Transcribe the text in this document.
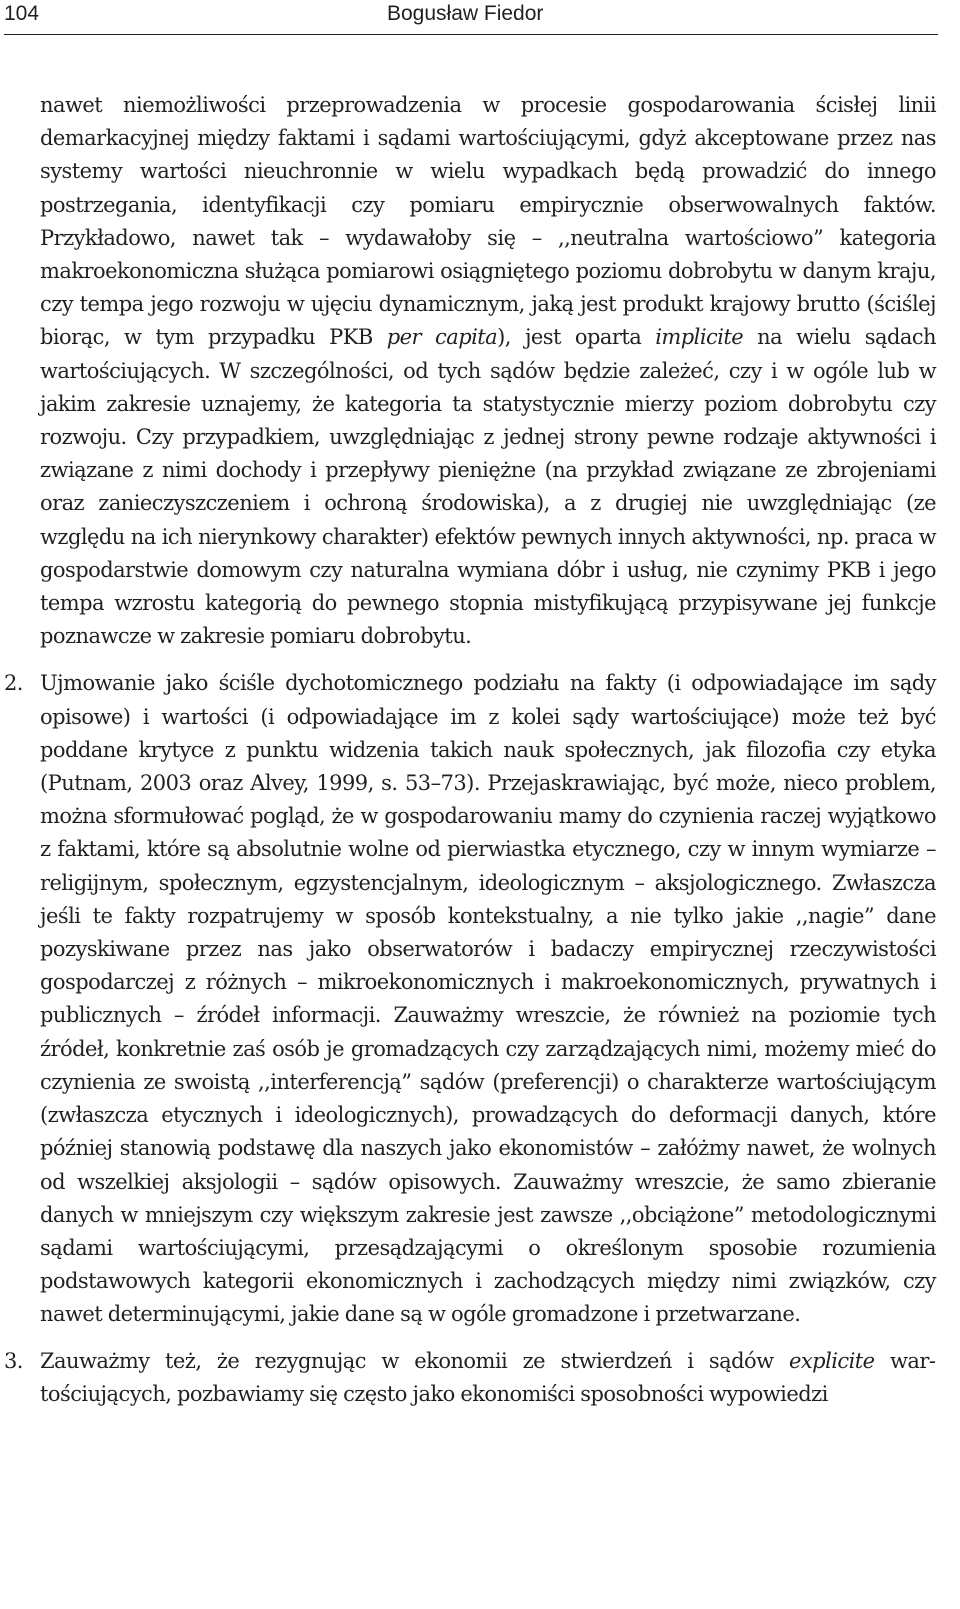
104	Bogusław Fiedor

nawet niemożliwości przeprowadzenia w procesie gospodarowania ścisłej linii demarkacyjnej między faktami i sądami wartościującymi, gdyż akceptowane przez nas systemy wartości nieuchronnie w wielu wypadkach będą prowadzić do innego postrzegania, identyfikacji czy pomiaru empirycznie obserwowalnych faktów. Przykładowo, nawet tak – wydawałoby się – ,,neutralna wartościowo” kategoria makroekonomiczna służąca pomiarowi osiągniętego poziomu dobrobytu w danym kraju, czy tempa jego rozwoju w ujęciu dynamicznym, jaką jest produkt krajowy brutto (ściślej biorąc, w tym przypadku PKB per capita), jest oparta implicite na wielu sądach wartościujących. W szczególności, od tych sądów będzie zależeć, czy i w ogóle lub w jakim zakresie uznajemy, że kategoria ta statystycznie mierzy poziom dobrobytu czy rozwoju. Czy przypadkiem, uwzględniając z jednej strony pewne rodzaje aktywności i związane z nimi dochody i przepływy pieniężne (na przykład związane ze zbrojeniami oraz zanieczyszczeniem i ochroną środowiska), a z drugiej nie uwzględniając (ze względu na ich nierynkowy charakter) efektów pewnych innych aktywności, np. praca w gospodarstwie domowym czy naturalna wymiana dóbr i usług, nie czynimy PKB i jego tempa wzrostu kategorią do pewnego stopnia mistyfikującą przypisywane jej funkcje poznawcze w zakresie pomiaru dobrobytu.

2. Ujmowanie jako ściśle dychotomicznego podziału na fakty (i odpowiadające im sądy opisowe) i wartości (i odpowiadające im z kolei sądy wartościujące) może też być poddane krytyce z punktu widzenia takich nauk społecznych, jak filozofia czy etyka (Putnam, 2003 oraz Alvey, 1999, s. 53–73). Przejaskrawiając, być może, nieco problem, można sformułować pogląd, że w gospodarowaniu mamy do czynienia raczej wyjątkowo z faktami, które są absolutnie wolne od pierwiastka etycznego, czy w innym wymiarze – religijnym, społecznym, egzystencjalnym, ideologicznym – aksjologicznego. Zwłaszcza jeśli te fakty rozpatrujemy w sposób kontekstualny, a nie tylko jakie ,,nagie” dane pozyskiwane przez nas jako obserwatorów i badaczy empirycznej rzeczywistości gospodarczej z różnych – mikroekonomicznych i makroekonomicznych, prywatnych i publicznych – źródeł informacji. Zauważmy wreszcie, że również na poziomie tych źródeł, konkretnie zaś osób je gromadzących czy zarządzających nimi, możemy mieć do czynienia ze swoistą ,,interferencją” sądów (preferencji) o charakterze wartościującym (zwłaszcza etycznych i ideologicznych), prowadzących do deformacji danych, które później stanowią podstawę dla naszych jako ekonomistów – załóżmy nawet, że wolnych od wszelkiej aksjologii – sądów opisowych. Zauważmy wreszcie, że samo zbieranie danych w mniejszym czy większym zakresie jest zawsze ,,obciążone” metodologicznymi sądami wartościującymi, przesądzającymi o określonym sposobie rozumienia podstawowych kategorii ekonomicznych i zachodzących między nimi związków, czy nawet determinującymi, jakie dane są w ogóle gromadzone i przetwarzane.

3. Zauważmy też, że rezygnując w ekonomii ze stwierdzeń i sądów explicite wartościujących, pozbawiamy się często jako ekonomiści sposobności wypowiedzi
